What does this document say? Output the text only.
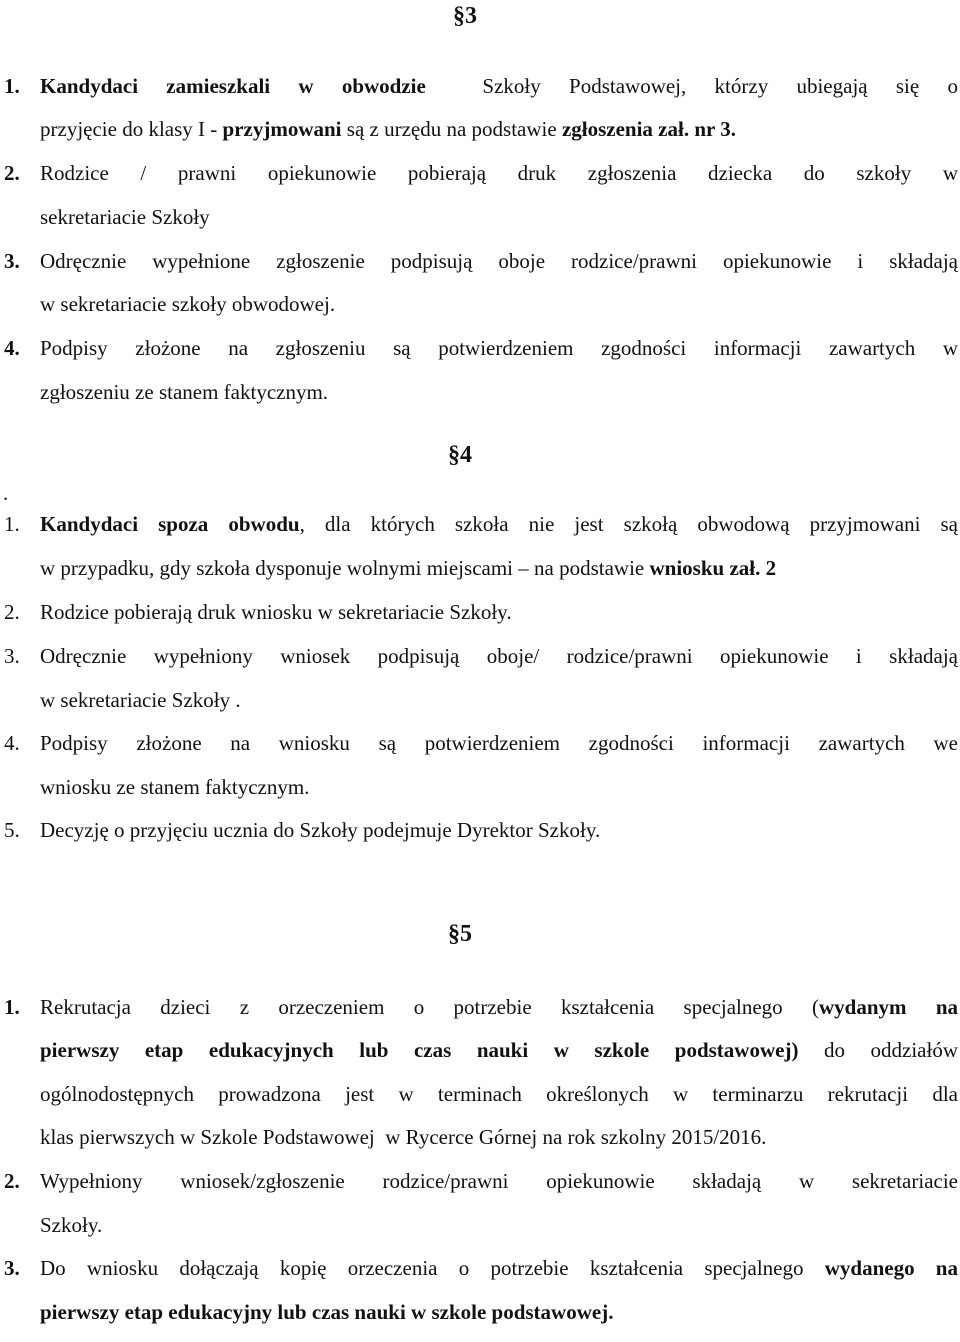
§3
1. Kandydaci zamieszkali w obwodzie  Szkoły Podstawowej, którzy ubiegają się o
przyjęcie do klasy I - przyjmowani są z urzędu na podstawie zgłoszenia zał. nr 3.
2. Rodzice / prawni opiekunowie pobierają druk zgłoszenia dziecka do szkoły w
sekretariacie Szkoły
3. Odręcznie wypełnione zgłoszenie podpisują oboje rodzice/prawni opiekunowie i składają
w sekretariacie szkoły obwodowej.
4. Podpisy złożone na zgłoszeniu są potwierdzeniem zgodności informacji zawartych w
zgłoszeniu ze stanem faktycznym.
§4
.
1. Kandydaci spoza obwodu, dla których szkoła nie jest szkołą obwodową przyjmowani są
w przypadku, gdy szkoła dysponuje wolnymi miejscami – na podstawie wniosku zał. 2
2. Rodzice pobierają druk wniosku w sekretariacie Szkoły.
3. Odręcznie wypełniony wniosek podpisują oboje/ rodzice/prawni opiekunowie i składają
w sekretariacie Szkoły .
4. Podpisy złożone na wniosku są potwierdzeniem zgodności informacji zawartych we
wniosku ze stanem faktycznym.
5. Decyzję o przyjęciu ucznia do Szkoły podejmuje Dyrektor Szkoły.
§5
1. Rekrutacja dzieci z orzeczeniem o potrzebie kształcenia specjalnego (wydanym na
pierwszy etap edukacyjnych lub czas nauki w szkole podstawowej) do oddziałów
ogólnodostępnych prowadzona jest w terminach określonych w terminarzu rekrutacji dla
klas pierwszych w Szkole Podstawowej  w Rycerce Górnej na rok szkolny 2015/2016.
2. Wypełniony wniosek/zgłoszenie rodzice/prawni opiekunowie składają w sekretariacie
Szkoły.
3. Do wniosku dołączają kopię orzeczenia o potrzebie kształcenia specjalnego wydanego na
pierwszy etap edukacyjny lub czas nauki w szkole podstawowej.
